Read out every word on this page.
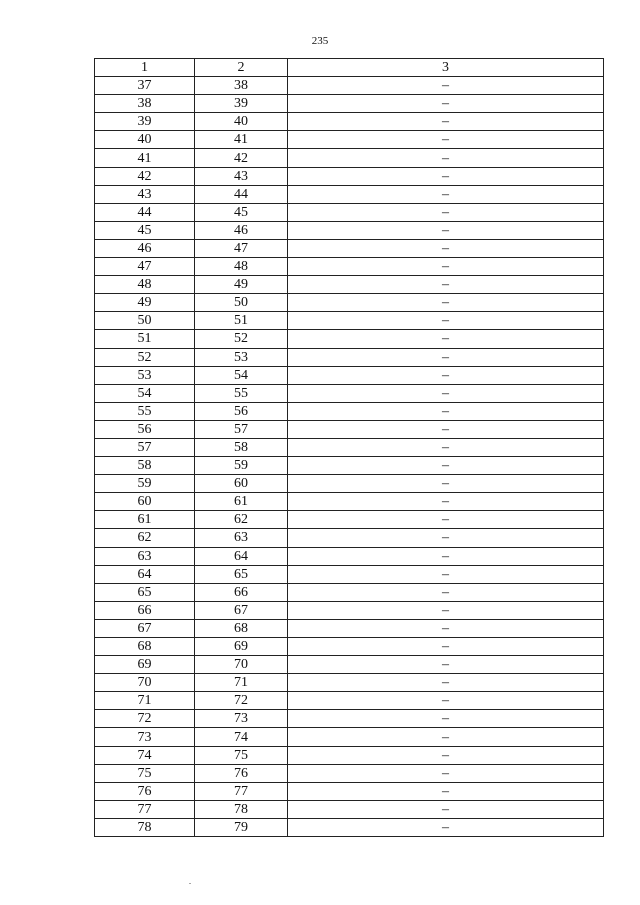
235
1	2	3
37	38	–
38	39	–
39	40	–
40	41	–
41	42	–
42	43	–
43	44	–
44	45	–
45	46	–
46	47	–
47	48	–
48	49	–
49	50	–
50	51	–
51	52	–
52	53	–
53	54	–
54	55	–
55	56	–
56	57	–
57	58	–
58	59	–
59	60	–
60	61	–
61	62	–
62	63	–
63	64	–
64	65	–
65	66	–
66	67	–
67	68	–
68	69	–
69	70	–
70	71	–
71	72	–
72	73	–
73	74	–
74	75	–
75	76	–
76	77	–
77	78	–
78	79	–
.
